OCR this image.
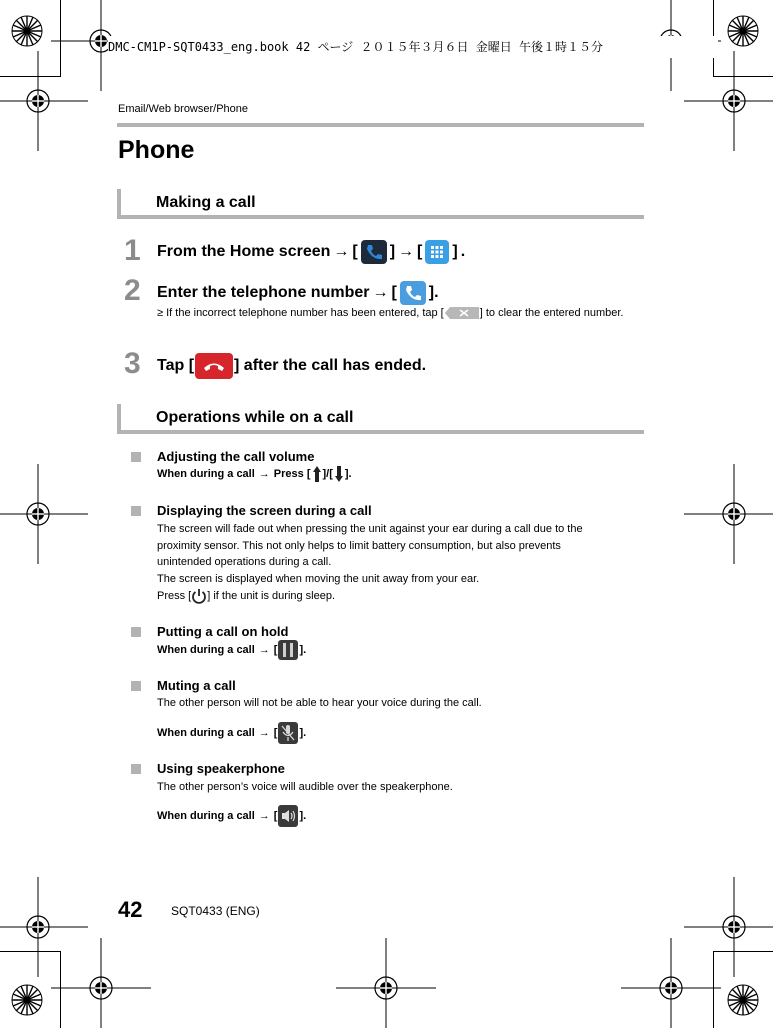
DMC-CM1P-SQT0433_eng.book 42 ページ ２０１５年３月６日 金曜日 午後１時１５分
Email/Web browser/Phone
Phone
Making a call
1 From the Home screen → [ ] → [ ] .
2 Enter the telephone number → [ ].
≥ If the incorrect telephone number has been entered, tap [	] to clear the entered number.
3 Tap [	] after the call has ended.
Operations while on a call
Adjusting the call volume
When during a call → Press [ ]/[ ].
Displaying the screen during a call
The screen will fade out when pressing the unit against your ear during a call due to the
proximity sensor. This not only helps to limit battery consumption, but also prevents
unintended operations during a call.
The screen is displayed when moving the unit away from your ear.
Press [ ] if the unit is during sleep.
Putting a call on hold
When during a call → [ ].
Muting a call
The other person will not be able to hear your voice during the call.
When during a call → [ ].
Using speakerphone
The other person’s voice will audible over the speakerphone.
When during a call → [ ].
42 SQT0433 (ENG)
